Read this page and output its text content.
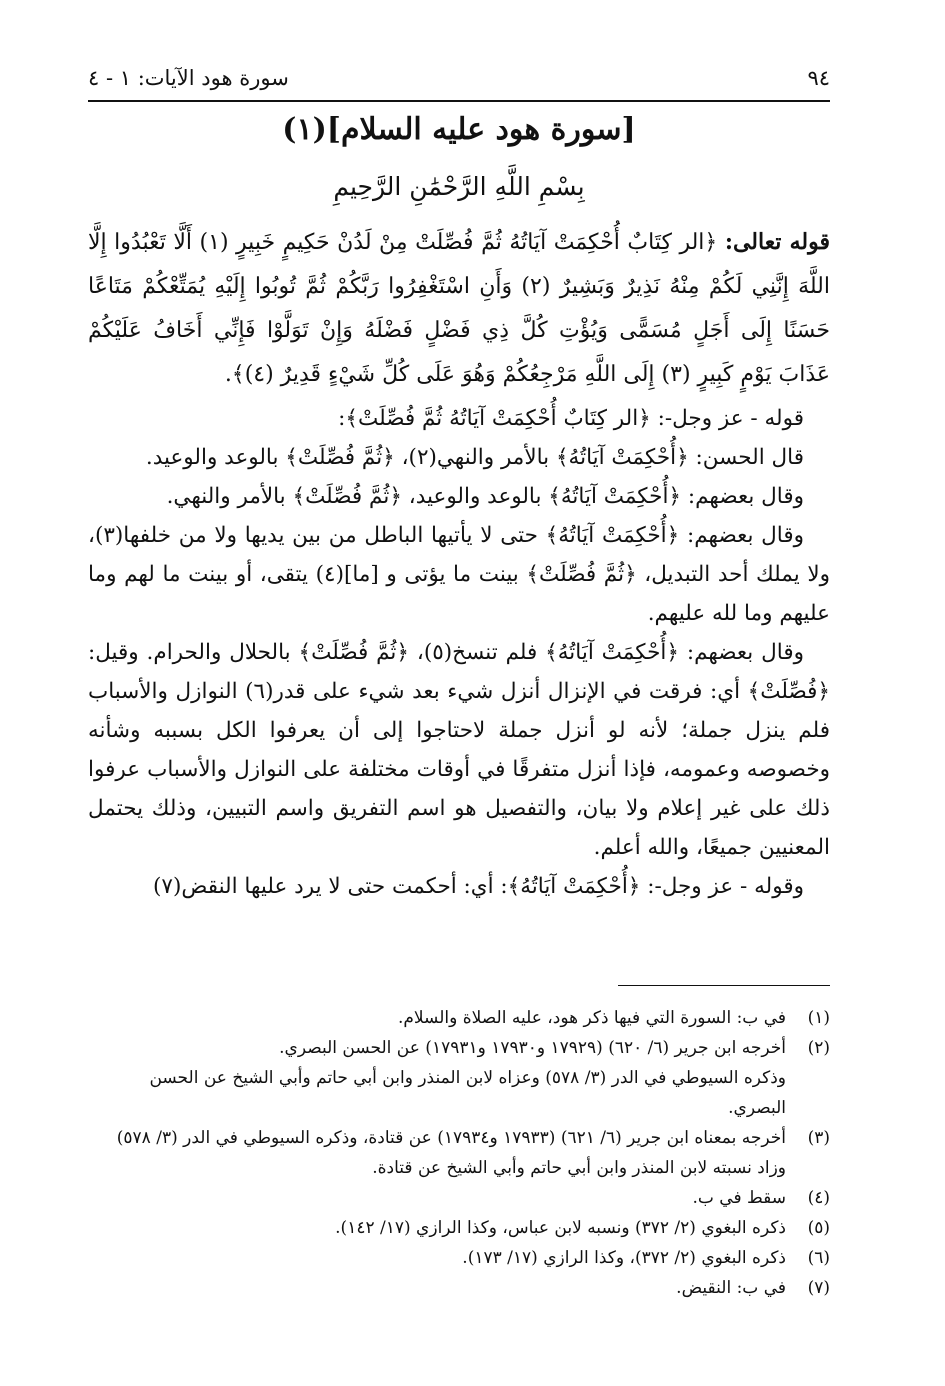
٩٤
سورة هود الآيات: ١ - ٤
[سورة هود عليه السلام](١)
بِسْمِ اللَّهِ الرَّحْمَٰنِ الرَّحِيمِ

قوله تعالى: ﴿الر كِتَابٌ أُحْكِمَتْ آيَاتُهُ ثُمَّ فُصِّلَتْ مِنْ لَدُنْ حَكِيمٍ خَبِيرٍ (١) أَلَّا تَعْبُدُوا إِلَّا اللَّهَ إِنَّنِي لَكُمْ مِنْهُ نَذِيرٌ وَبَشِيرٌ (٢) وَأَنِ اسْتَغْفِرُوا رَبَّكُمْ ثُمَّ تُوبُوا إِلَيْهِ يُمَتِّعْكُمْ مَتَاعًا حَسَنًا إِلَى أَجَلٍ مُسَمًّى وَيُؤْتِ كُلَّ ذِي فَضْلٍ فَضْلَهُ وَإِنْ تَوَلَّوْا فَإِنِّي أَخَافُ عَلَيْكُمْ عَذَابَ يَوْمٍ كَبِيرٍ (٣) إِلَى اللَّهِ مَرْجِعُكُمْ وَهُوَ عَلَى كُلِّ شَيْءٍ قَدِيرٌ (٤)﴾.

قوله - عز وجل-: ﴿الر كِتَابٌ أُحْكِمَتْ آيَاتُهُ ثُمَّ فُصِّلَتْ﴾:

قال الحسن: ﴿أُحْكِمَتْ آيَاتُهُ﴾ بالأمر والنهي(٢)، ﴿ثُمَّ فُصِّلَتْ﴾ بالوعد والوعيد.

وقال بعضهم: ﴿أُحْكِمَتْ آيَاتُهُ﴾ بالوعد والوعيد، ﴿ثُمَّ فُصِّلَتْ﴾ بالأمر والنهي.

وقال بعضهم: ﴿أُحْكِمَتْ آيَاتُهُ﴾ حتى لا يأتيها الباطل من بين يديها ولا من خلفها(٣)، ولا يملك أحد التبديل، ﴿ثُمَّ فُصِّلَتْ﴾ بينت ما يؤتى و [ما](٤) يتقى، أو بينت ما لهم وما عليهم وما لله عليهم.

وقال بعضهم: ﴿أُحْكِمَتْ آيَاتُهُ﴾ فلم تنسخ(٥)، ﴿ثُمَّ فُصِّلَتْ﴾ بالحلال والحرام. وقيل: ﴿فُصِّلَتْ﴾ أي: فرقت في الإنزال أنزل شيء بعد شيء على قدر(٦) النوازل والأسباب فلم ينزل جملة؛ لأنه لو أنزل جملة لاحتاجوا إلى أن يعرفوا الكل بسببه وشأنه وخصوصه وعمومه، فإذا أنزل متفرقًا في أوقات مختلفة على النوازل والأسباب عرفوا ذلك على غير إعلام ولا بيان، والتفصيل هو اسم التفريق واسم التبيين، وذلك يحتمل المعنيين جميعًا، والله أعلم.

وقوله - عز وجل-: ﴿أُحْكِمَتْ آيَاتُهُ﴾: أي: أحكمت حتى لا يرد عليها النقض(٧)

(١)
في ب: السورة التي فيها ذكر هود، عليه الصلاة والسلام.
(٢)
أخرجه ابن جرير (٦/ ٦٢٠) (١٧٩٢٩ و١٧٩٣٠ و١٧٩٣١) عن الحسن البصري.
وذكره السيوطي في الدر (٣/ ٥٧٨) وعزاه لابن المنذر وابن أبي حاتم وأبي الشيخ عن الحسن البصري.
(٣)
أخرجه بمعناه ابن جرير (٦/ ٦٢١) (١٧٩٣٣ و١٧٩٣٤) عن قتادة، وذكره السيوطي في الدر (٣/ ٥٧٨) وزاد نسبته لابن المنذر وابن أبي حاتم وأبي الشيخ عن قتادة.
(٤)
سقط في ب.
(٥)
ذكره البغوي (٢/ ٣٧٢) ونسبه لابن عباس، وكذا الرازي (١٧/ ١٤٢).
(٦)
ذكره البغوي (٢/ ٣٧٢)، وكذا الرازي (١٧/ ١٧٣).
(٧)
في ب: النقيض.
